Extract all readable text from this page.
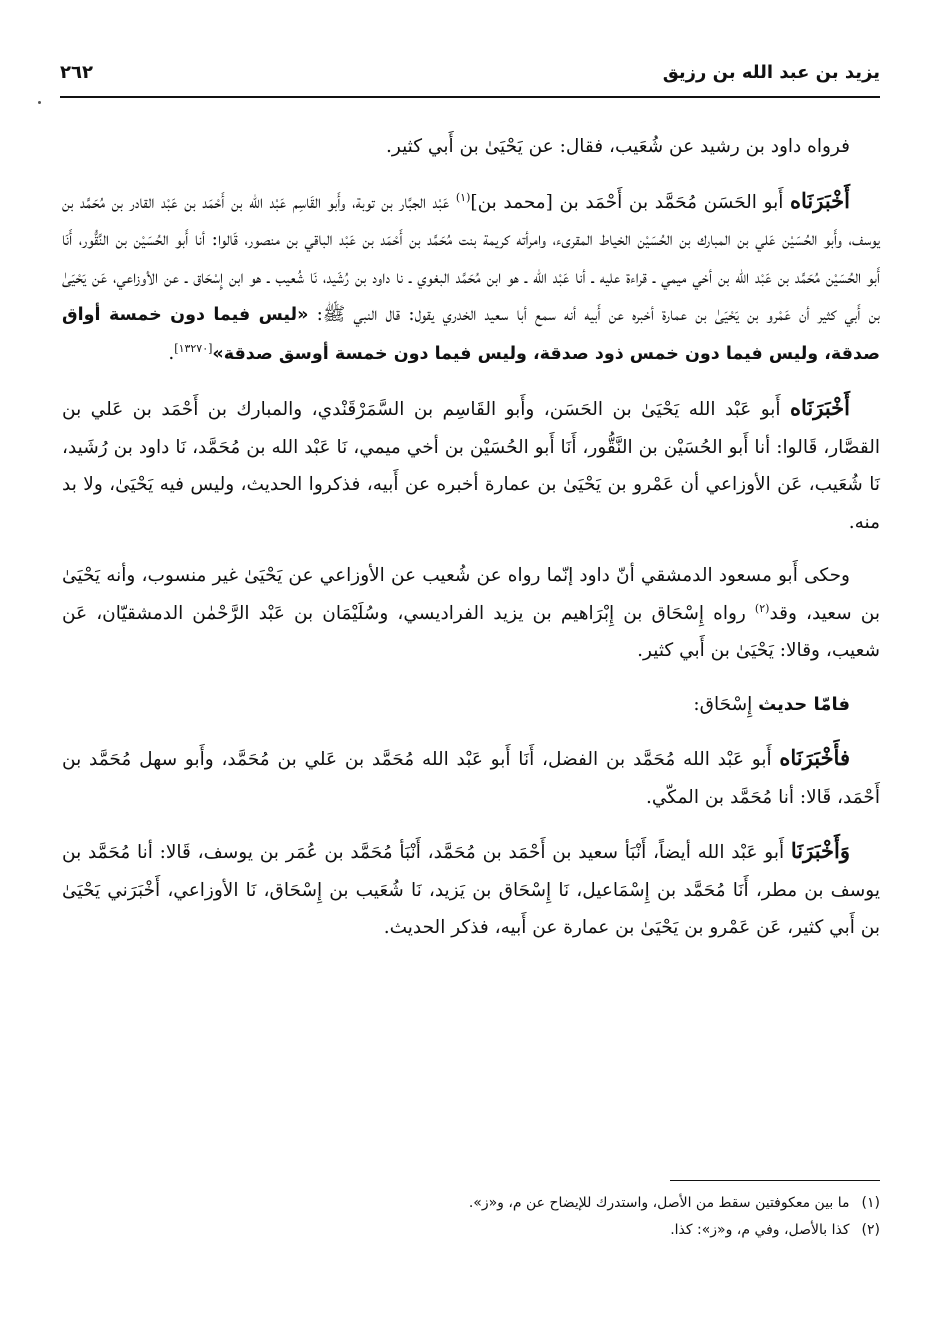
يزيد بن عبد الله بن رزيق
٢٦٢

فرواه داود بن رشيد عن شُعَيب، فقال: عن يَحْيَىٰ بن أَبي كثير.

أَخْبَرَنَاه أَبو الحَسَن مُحَمَّد بن أَحْمَد بن [محمد بن]$^{(١)}$ عَبْد الجبَّار بن توبة، وأَبو القَاسِم عَبْد الله بن أَحْمَد بن عَبْد القادر بن مُحَمَّد بن يوسف، وأَبو الحُسَيْن عَلي بن المبارك بن الحُسَيْن الخياط المقرىء، وامرأته كريمة بنت مُحَمَّد بن أَحْمَد بن عَبْد الباقي بن منصور، قَالوا: أنا أَبو الحُسَيْن بن النَّقُّور، أَنَا أَبو الحُسَيْن مُحَمَّد بن عَبْد الله بن أخي ميمي ـ قراءة عليه ـ أنا عَبْد الله ـ هو ابن مُحَمَّد البغوي ـ نا داود بن رُشَيد، نَا شُعيب ـ هو ابن إِسْحَاق ـ عن الأوزاعي، عَن يَحْيَىٰ بن أَبي كثير أن عَمْرو بن يَحْيَىٰ بن عمارة أخبره عن أَبيه أنه سمع أبا سعيد الخدري يقول: قال النبي ﷺ: «ليس فيما دون خمسة أواق صدقة، وليس فيما دون خمس ذود صدقة، وليس فيما دون خمسة أوسق صدقة»[١٣٢٧٠].

أَخْبَرَنَاه أَبو عَبْد الله يَحْيَىٰ بن الحَسَن، وأَبو القَاسِم بن السَّمَرْقَنْدي، والمبارك بن أَحْمَد بن عَلي بن القصَّار، قَالوا: أنا أَبو الحُسَيْن بن النَّقُّور، أَنَا أَبو الحُسَيْن بن أخي ميمي، نَا عَبْد الله بن مُحَمَّد، نَا داود بن رُشَيد، نَا شُعَيب، عَن الأوزاعي أن عَمْرو بن يَحْيَىٰ بن عمارة أخبره عن أَبيه، فذكروا الحديث، وليس فيه يَحْيَىٰ، ولا بد منه.

وحكى أَبو مسعود الدمشقي أنّ داود إنّما رواه عن شُعيب عن الأوزاعي عن يَحْيَىٰ غير منسوب، وأنه يَحْيَىٰ بن سعيد، وقد$^{(٢)}$ رواه إِسْحَاق بن إِبْرَاهيم بن يزيد الفراديسي، وسُلَيْمَان بن عَبْد الرَّحْمٰن الدمشقيّان، عَن شعيب، وقالا: يَحْيَىٰ بن أَبي كثير.

فامّا حديث إِسْحَاق:

فأَخْبَرَنَاه أَبو عَبْد الله مُحَمَّد بن الفضل، أَنَا أَبو عَبْد الله مُحَمَّد بن عَلي بن مُحَمَّد، وأَبو سهل مُحَمَّد بن أَحْمَد، قَالا: أنا مُحَمَّد بن المكّي.

وَأَخْبَرَنَا أَبو عَبْد الله أيضاً، أَنْبَأ سعيد بن أَحْمَد بن مُحَمَّد، أَنْبَأ مُحَمَّد بن عُمَر بن يوسف، قَالا: أنا مُحَمَّد بن يوسف بن مطر، أَنَا مُحَمَّد بن إِسْمَاعيل، نَا إِسْحَاق بن يَزيد، نَا شُعَيب بن إِسْحَاق، نَا الأوزاعي، أَخْبَرَني يَحْيَىٰ بن أَبي كثير، عَن عَمْرو بن يَحْيَىٰ بن عمارة عن أَبيه، فذكر الحديث.

(١)ما بين معكوفتين سقط من الأصل، واستدرك للإيضاح عن م، و«ز».

(٢)كذا بالأصل، وفي م، و«ز»: كذا.
